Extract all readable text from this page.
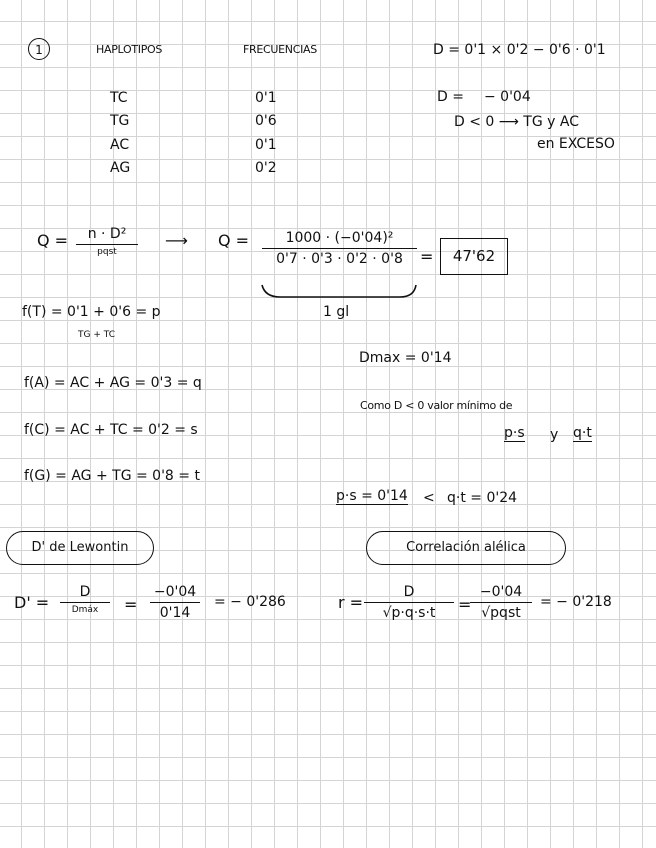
1	HAPLOTIPOS	FRECUENCIAS
TC	0'1
TG	0'6
AC	0'1
AG	0'2
D = 0'1 × 0'2 − 0'6 · 0'1
D = − 0'04
D < 0 ⟶ TG y AC
en EXCESO
Q =	n · D²
pqst
⟶ Q =	1000 · (−0'04)²
0'7 · 0'3 · 0'2 · 0'8	=	47'62
1 gl
f(T) = 0'1 + 0'6 = p
TG + TC
f(A) = AC + AG = 0'3 = q
f(C) = AC + TC = 0'2 = s
f(G) = AG + TG = 0'8 = t
Dmax = 0'14
Como D < 0 valor mínimo de
p·s y q·t
p·s = 0'14 < q·t = 0'24
D' de Lewontin	Correlación alélica
D' =
D
Dmáx	=
−0'04
0'14
= − 0'286	r =
D
√p·q·s·t	=
−0'04
√pqst
= − 0'218
